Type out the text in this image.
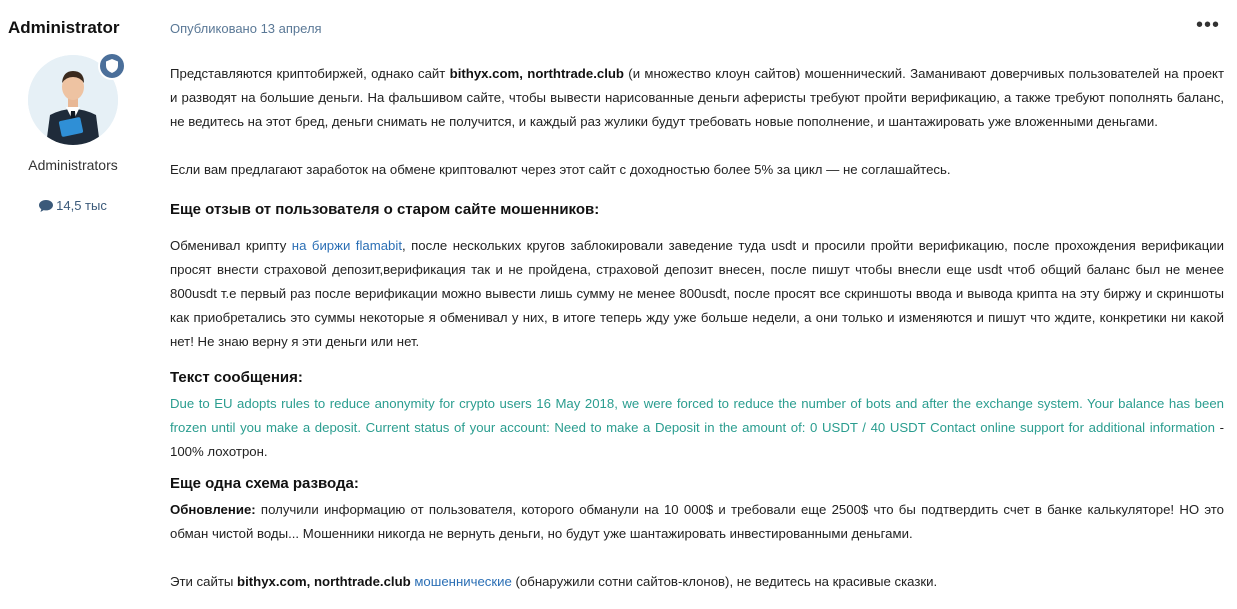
Administrator
Administrators
14,5 тыс
Опубликовано 13 апреля	•••

Представляются криптобиржей, однако сайт bithyx.com, northtrade.club (и множество клоун сайтов) мошеннический. Заманивают доверчивых пользователей на проект и разводят на большие деньги. На фальшивом сайте, чтобы вывести нарисованные деньги аферисты требуют пройти верификацию, а также требуют пополнять баланс, не ведитесь на этот бред, деньги снимать не получится, и каждый раз жулики будут требовать новые пополнение, и шантажировать уже вложенными деньгами.

Если вам предлагают заработок на обмене криптовалют через этот сайт с доходностью более 5% за цикл — не соглашайтесь.

Еще отзыв от пользователя о старом сайте мошенников:

Обменивал крипту на биржи flamabit, после нескольких кругов заблокировали заведение туда usdt и просили пройти верификацию, после прохождения верификации просят внести страховой депозит,верификация так и не пройдена, страховой депозит внесен, после пишут чтобы внесли еще usdt чтоб общий баланс был не менее 800usdt т.е первый раз после верификации можно вывести лишь сумму не менее 800usdt, после просят все скриншоты ввода и вывода крипта на эту биржу и скриншоты как приобретались это суммы некоторые я обменивал у них, в итоге теперь жду уже больше недели, а они только и изменяются и пишут что ждите, конкретики ни какой нет! Не знаю верну я эти деньги или нет.

Текст сообщения:

Due to EU adopts rules to reduce anonymity for crypto users 16 May 2018, we were forced to reduce the number of bots and after the exchange system. Your balance has been frozen until you make a deposit. Current status of your account: Need to make a Deposit in the amount of: 0 USDT / 40 USDT Contact online support for additional information - 100% лохотрон.

Еще одна схема развода:

Обновление: получили информацию от пользователя, которого обманули на 10 000$ и требовали еще 2500$ что бы подтвердить счет в банке калькуляторе! НО это обман чистой воды... Мошенники никогда не вернуть деньги, но будут уже шантажировать инвестированными деньгами.

Эти сайты bithyx.com, northtrade.club мошеннические (обнаружили сотни сайтов-клонов), не ведитесь на красивые сказки.
